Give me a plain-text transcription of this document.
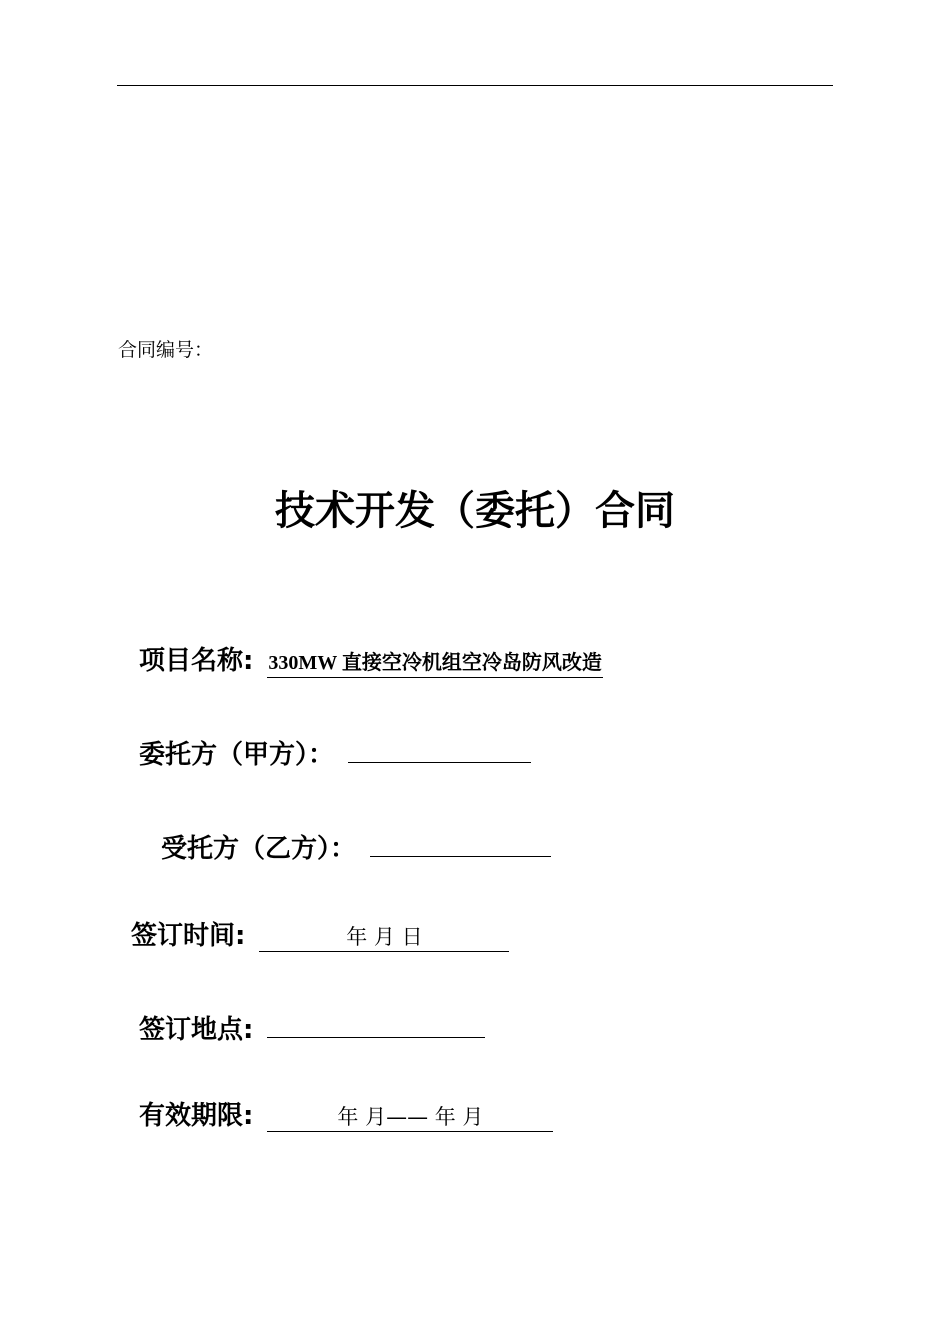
合同编号：
技术开发（委托）合同
项目名称: 330MW 直接空冷机组空冷岛防风改造
委托方（甲方）：
受托方（乙方）：
签订时间:	年 月 日
签订地点:
有效期限:	年 月—— 年 月
